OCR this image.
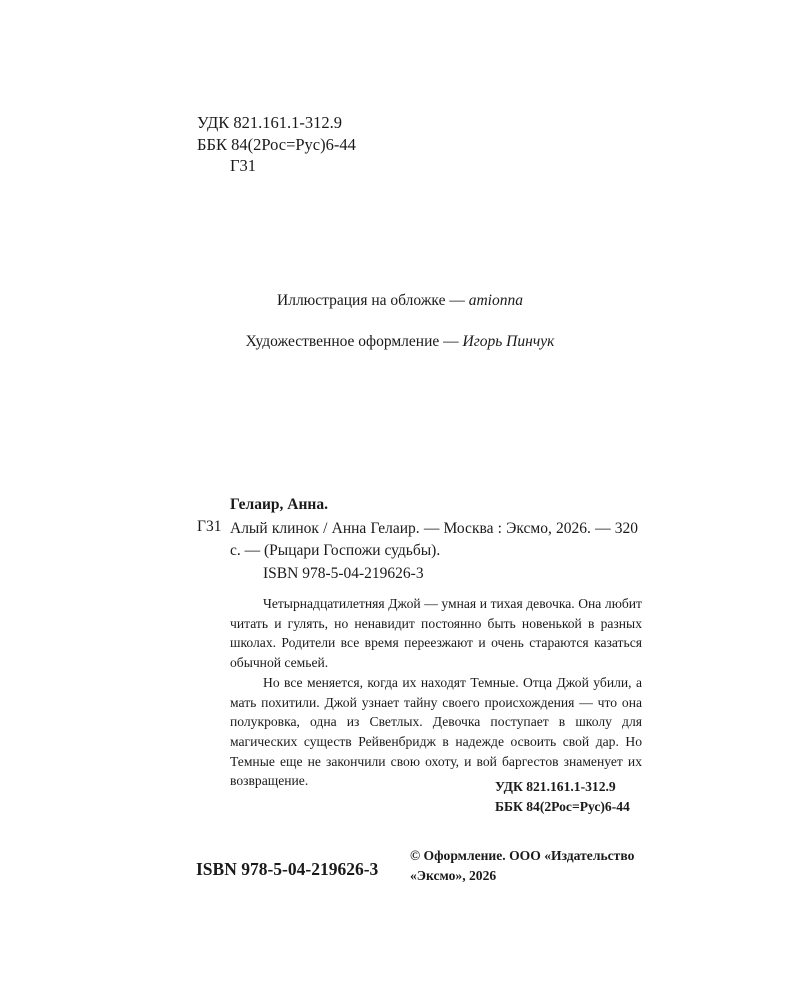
УДК 821.161.1-312.9
ББК 84(2Рос=Рус)6-44
Г31
Иллюстрация на обложке — amionna
Художественное оформление — Игорь Пинчук
Гелаир, Анна.
Г31 Алый клинок / Анна Гелаир. — Москва : Эксмо, 2026. — 320 с. — (Рыцари Госпожи судьбы).
ISBN 978-5-04-219626-3

Четырнадцатилетняя Джой — умная и тихая девочка. Она любит читать и гулять, но ненавидит постоянно быть новенькой в разных школах. Родители все время переезжают и очень стараются казаться обычной семьей.

Но все меняется, когда их находят Темные. Отца Джой убили, а мать похитили. Джой узнает тайну своего происхождения — что она полукровка, одна из Светлых. Девочка поступает в школу для магических существ Рейвенбридж в надежде освоить свой дар. Но Темные еще не закончили свою охоту, и вой баргестов знаменует их возвращение.	УДК 821.161.1-312.9
ББК 84(2Рос=Рус)6-44
ISBN 978-5-04-219626-3
© Оформление. ООО «Издательство «Эксмо», 2026
